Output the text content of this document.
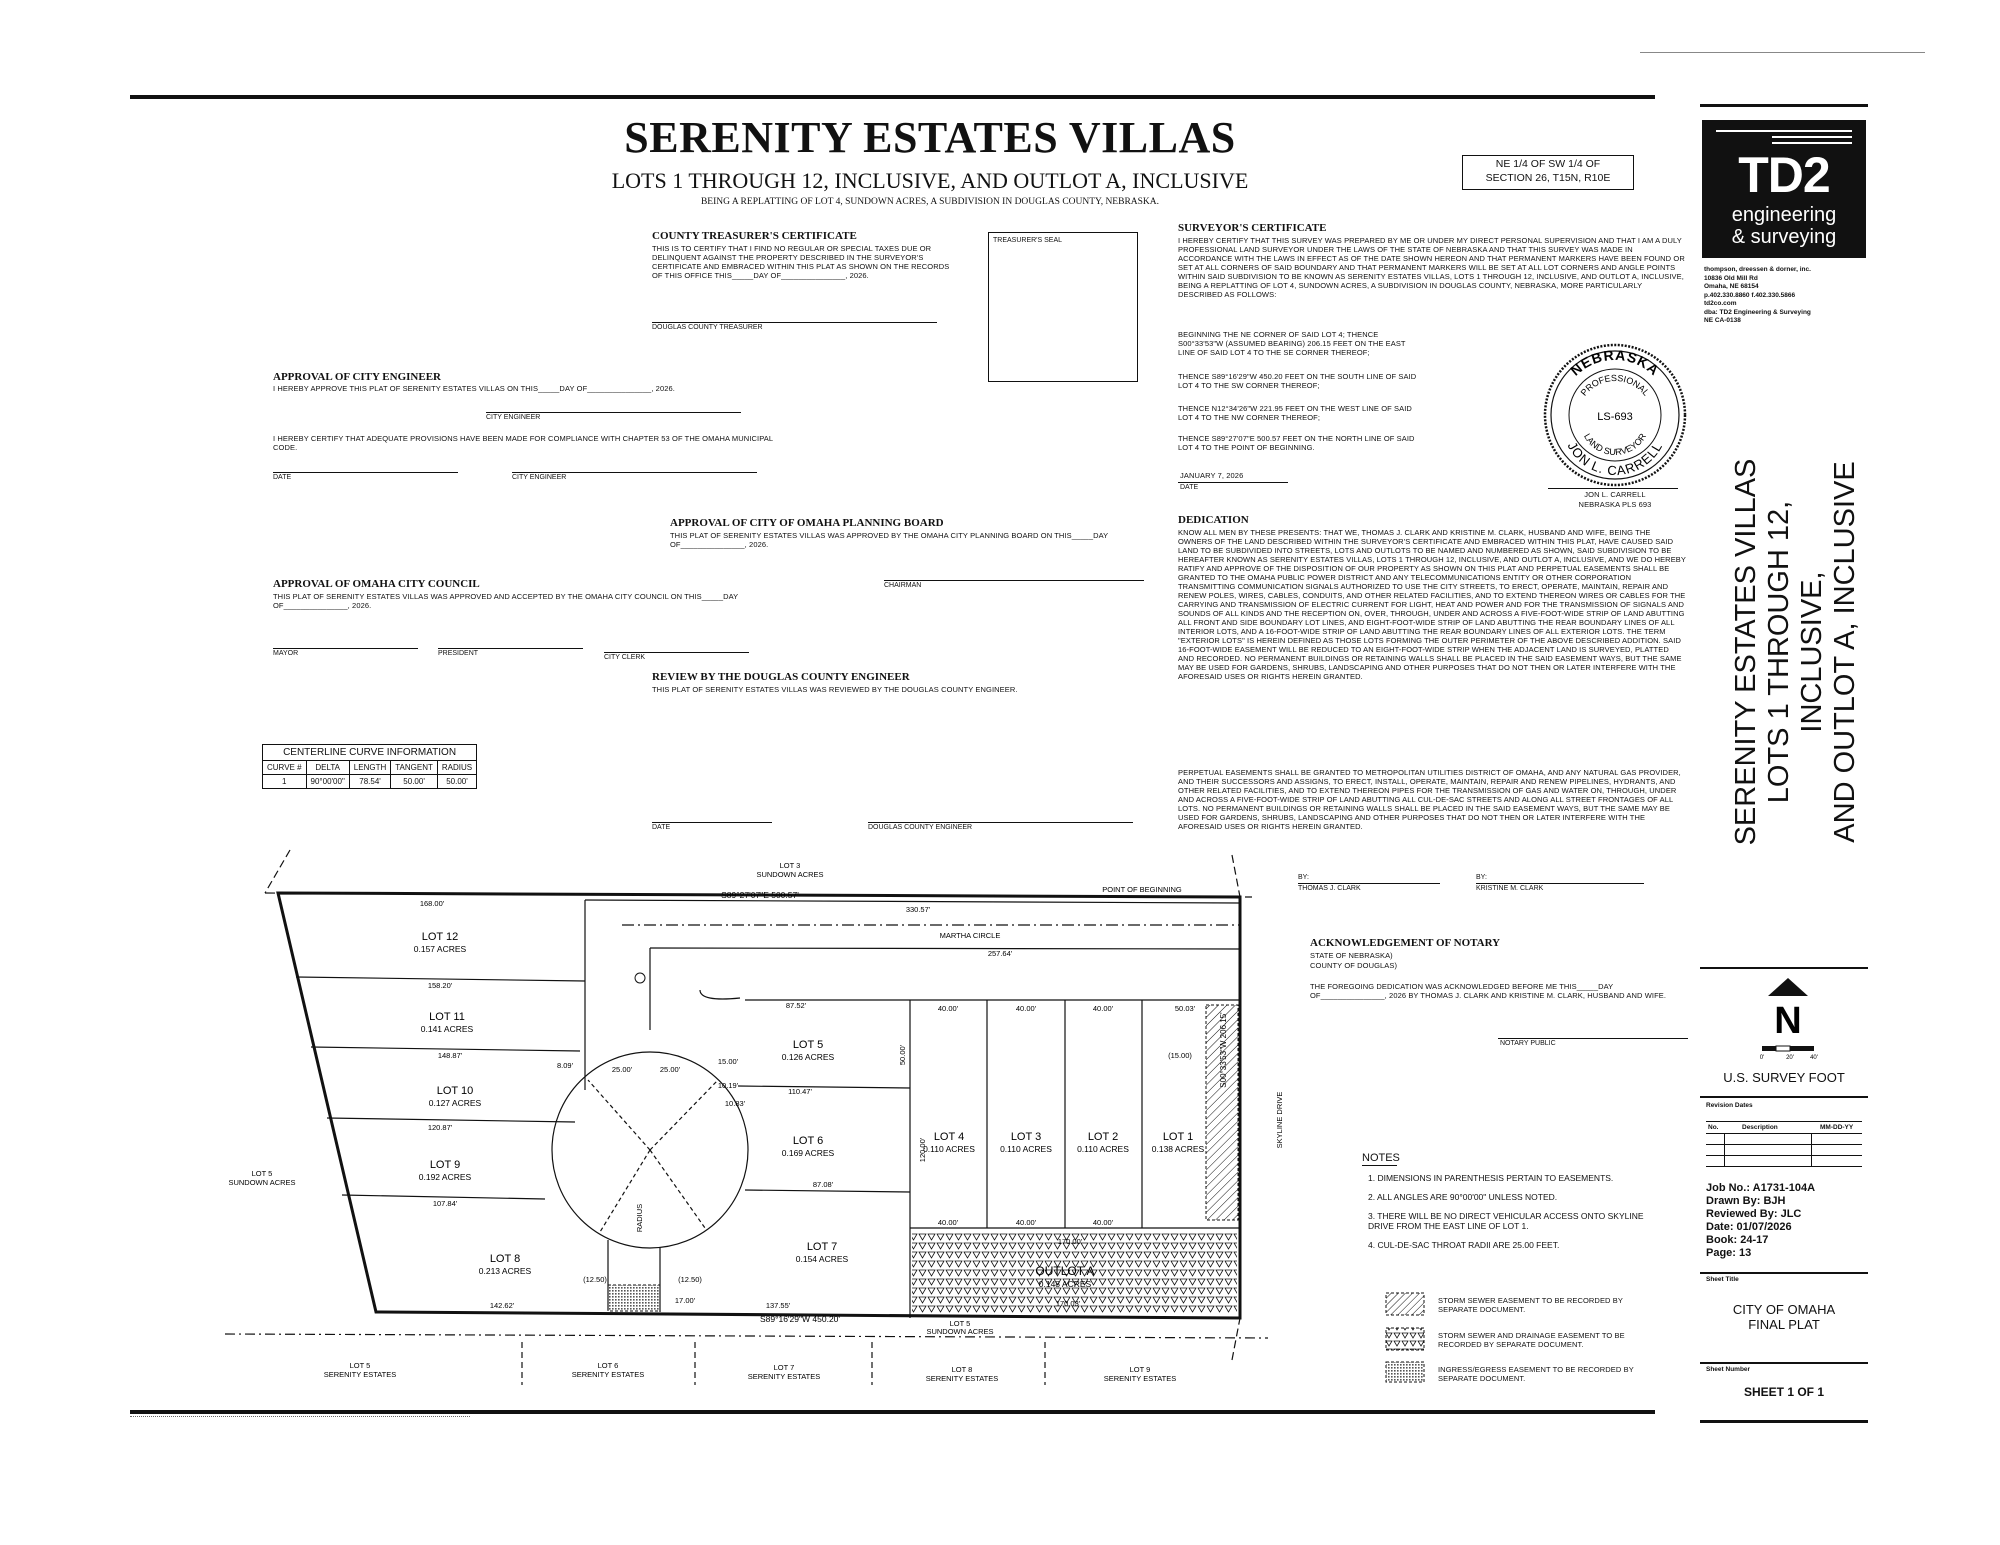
SERENITY ESTATES VILLAS
LOTS 1 THROUGH 12, INCLUSIVE, AND OUTLOT A, INCLUSIVE
BEING A REPLATTING OF LOT 4, SUNDOWN ACRES, A SUBDIVISION IN DOUGLAS COUNTY, NEBRASKA.
NE 1/4 OF SW 1/4 OF
SECTION 26, T15N, R10E	TD2
engineering
& surveying
thompson, dreessen & dorner, inc.
10836 Old Mill Rd
Omaha, NE 68154
p.402.330.8860 f.402.330.5866
td2co.com
dba: TD2 Engineering & Surveying
NE CA-0138
SERENITY ESTATES VILLAS LOTS 1 THROUGH 12, INCLUSIVE, AND OUTLOT A, INCLUSIVE
COUNTY TREASURER'S CERTIFICATE
THIS IS TO CERTIFY THAT I FIND NO REGULAR OR SPECIAL TAXES DUE OR DELINQUENT AGAINST THE PROPERTY DESCRIBED IN THE SURVEYOR'S CERTIFICATE AND EMBRACED WITHIN THIS PLAT AS SHOWN ON THE RECORDS OF THIS OFFICE THIS_____DAY OF_______________, 2026.
DOUGLAS COUNTY TREASURER
TREASURER'S SEAL
APPROVAL OF CITY ENGINEER
I HEREBY APPROVE THIS PLAT OF SERENITY ESTATES VILLAS ON THIS_____DAY OF_______________, 2026.
CITY ENGINEER
I HEREBY CERTIFY THAT ADEQUATE PROVISIONS HAVE BEEN MADE FOR COMPLIANCE WITH CHAPTER 53 OF THE OMAHA MUNICIPAL CODE.
DATE	CITY ENGINEER
APPROVAL OF CITY OF OMAHA PLANNING BOARD
THIS PLAT OF SERENITY ESTATES VILLAS WAS APPROVED BY THE OMAHA CITY PLANNING BOARD ON THIS_____DAY OF_______________, 2026.
CHAIRMAN
APPROVAL OF OMAHA CITY COUNCIL
THIS PLAT OF SERENITY ESTATES VILLAS WAS APPROVED AND ACCEPTED BY THE OMAHA CITY COUNCIL ON THIS_____DAY OF_______________, 2026.
MAYOR	PRESIDENT
CITY CLERK
REVIEW BY THE DOUGLAS COUNTY ENGINEER
THIS PLAT OF SERENITY ESTATES VILLAS WAS REVIEWED BY THE DOUGLAS COUNTY ENGINEER.
DATE	DOUGLAS COUNTY ENGINEER
CENTERLINE CURVE INFORMATION				
CURVE #	DELTA	LENGTH	TANGENT	RADIUS
1	90°00'00"	78.54'	50.00'	50.00'
SURVEYOR'S CERTIFICATE
I HEREBY CERTIFY THAT THIS SURVEY WAS PREPARED BY ME OR UNDER MY DIRECT PERSONAL SUPERVISION AND THAT I AM A DULY PROFESSIONAL LAND SURVEYOR UNDER THE LAWS OF THE STATE OF NEBRASKA AND THAT THIS SURVEY WAS MADE IN ACCORDANCE WITH THE LAWS IN EFFECT AS OF THE DATE SHOWN HEREON AND THAT PERMANENT MARKERS HAVE BEEN FOUND OR SET AT ALL CORNERS OF SAID BOUNDARY AND THAT PERMANENT MARKERS WILL BE SET AT ALL LOT CORNERS AND ANGLE POINTS WITHIN SAID SUBDIVISION TO BE KNOWN AS SERENITY ESTATES VILLAS, LOTS 1 THROUGH 12, INCLUSIVE, AND OUTLOT A, INCLUSIVE, BEING A REPLATTING OF LOT 4, SUNDOWN ACRES, A SUBDIVISION IN DOUGLAS COUNTY, NEBRASKA, MORE PARTICULARLY DESCRIBED AS FOLLOWS:
BEGINNING THE NE CORNER OF SAID LOT 4; THENCE S00°33'53"W (ASSUMED BEARING) 206.15 FEET ON THE EAST LINE OF SAID LOT 4 TO THE SE CORNER THEREOF;
THENCE S89°16'29"W 450.20 FEET ON THE SOUTH LINE OF SAID LOT 4 TO THE SW CORNER THEREOF;
THENCE N12°34'26"W 221.95 FEET ON THE WEST LINE OF SAID LOT 4 TO THE NW CORNER THEREOF;
THENCE S89°27'07"E 500.57 FEET ON THE NORTH LINE OF SAID LOT 4 TO THE POINT OF BEGINNING.
JANUARY 7, 2026
DATE
JON L. CARRELL
NEBRASKA PLS 693
NEBRASKA
JON L. CARRELL
PROFESSIONAL
LAND SURVEYOR
LS-693
DEDICATION
KNOW ALL MEN BY THESE PRESENTS: THAT WE, THOMAS J. CLARK AND KRISTINE M. CLARK, HUSBAND AND WIFE, BEING THE OWNERS OF THE LAND DESCRIBED WITHIN THE SURVEYOR'S CERTIFICATE AND EMBRACED WITHIN THIS PLAT, HAVE CAUSED SAID LAND TO BE SUBDIVIDED INTO STREETS, LOTS AND OUTLOTS TO BE NAMED AND NUMBERED AS SHOWN, SAID SUBDIVISION TO BE HEREAFTER KNOWN AS SERENITY ESTATES VILLAS, LOTS 1 THROUGH 12, INCLUSIVE, AND OUTLOT A, INCLUSIVE, AND WE DO HEREBY RATIFY AND APPROVE OF THE DISPOSITION OF OUR PROPERTY AS SHOWN ON THIS PLAT AND PERPETUAL EASEMENTS SHALL BE GRANTED TO THE OMAHA PUBLIC POWER DISTRICT AND ANY TELECOMMUNICATIONS ENTITY OR OTHER CORPORATION TRANSMITTING COMMUNICATION SIGNALS AUTHORIZED TO USE THE CITY STREETS, TO ERECT, OPERATE, MAINTAIN, REPAIR AND RENEW POLES, WIRES, CABLES, CONDUITS, AND OTHER RELATED FACILITIES, AND TO EXTEND THEREON WIRES OR CABLES FOR THE CARRYING AND TRANSMISSION OF ELECTRIC CURRENT FOR LIGHT, HEAT AND POWER AND FOR THE TRANSMISSION OF SIGNALS AND SOUNDS OF ALL KINDS AND THE RECEPTION ON, OVER, THROUGH, UNDER AND ACROSS A FIVE-FOOT-WIDE STRIP OF LAND ABUTTING ALL FRONT AND SIDE BOUNDARY LOT LINES, AND EIGHT-FOOT-WIDE STRIP OF LAND ABUTTING THE REAR BOUNDARY LINES OF ALL INTERIOR LOTS, AND A 16-FOOT-WIDE STRIP OF LAND ABUTTING THE REAR BOUNDARY LINES OF ALL EXTERIOR LOTS. THE TERM "EXTERIOR LOTS" IS HEREIN DEFINED AS THOSE LOTS FORMING THE OUTER PERIMETER OF THE ABOVE DESCRIBED ADDITION. SAID 16-FOOT-WIDE EASEMENT WILL BE REDUCED TO AN EIGHT-FOOT-WIDE STRIP WHEN THE ADJACENT LAND IS SURVEYED, PLATTED AND RECORDED. NO PERMANENT BUILDINGS OR RETAINING WALLS SHALL BE PLACED IN THE SAID EASEMENT WAYS, BUT THE SAME MAY BE USED FOR GARDENS, SHRUBS, LANDSCAPING AND OTHER PURPOSES THAT DO NOT THEN OR LATER INTERFERE WITH THE AFORESAID USES OR RIGHTS HEREIN GRANTED.
PERPETUAL EASEMENTS SHALL BE GRANTED TO METROPOLITAN UTILITIES DISTRICT OF OMAHA, AND ANY NATURAL GAS PROVIDER, AND THEIR SUCCESSORS AND ASSIGNS, TO ERECT, INSTALL, OPERATE, MAINTAIN, REPAIR AND RENEW PIPELINES, HYDRANTS, AND OTHER RELATED FACILITIES, AND TO EXTEND THEREON PIPES FOR THE TRANSMISSION OF GAS AND WATER ON, THROUGH, UNDER AND ACROSS A FIVE-FOOT-WIDE STRIP OF LAND ABUTTING ALL CUL-DE-SAC STREETS AND ALONG ALL STREET FRONTAGES OF ALL LOTS. NO PERMANENT BUILDINGS OR RETAINING WALLS SHALL BE PLACED IN THE SAID EASEMENT WAYS, BUT THE SAME MAY BE USED FOR GARDENS, SHRUBS, LANDSCAPING AND OTHER PURPOSES THAT DO NOT THEN OR LATER INTERFERE WITH THE AFORESAID USES OR RIGHTS HEREIN GRANTED.
BY:
THOMAS J. CLARK
BY:
KRISTINE M. CLARK
ACKNOWLEDGEMENT OF NOTARY
STATE OF NEBRASKA)
COUNTY OF DOUGLAS)
THE FOREGOING DEDICATION WAS ACKNOWLEDGED BEFORE ME THIS_____DAY OF_______________, 2026 BY THOMAS J. CLARK AND KRISTINE M. CLARK, HUSBAND AND WIFE.
NOTARY PUBLIC
NOTES
1. DIMENSIONS IN PARENTHESIS PERTAIN TO EASEMENTS.
2. ALL ANGLES ARE 90°00'00" UNLESS NOTED.
3. THERE WILL BE NO DIRECT VEHICULAR ACCESS ONTO SKYLINE DRIVE FROM THE EAST LINE OF LOT 1.
4. CUL-DE-SAC THROAT RADII ARE 25.00 FEET.
STORM SEWER EASEMENT TO BE RECORDED BY SEPARATE DOCUMENT.
STORM SEWER AND DRAINAGE EASEMENT TO BE RECORDED BY SEPARATE DOCUMENT.
INGRESS/EGRESS EASEMENT TO BE RECORDED BY SEPARATE DOCUMENT.
N
0'	20'	40'
U.S. SURVEY FOOT
Revision Dates
No.	Description	MM-DD-YY
Job No.: A1731-104A
Drawn By: BJH
Reviewed By: JLC
Date: 01/07/2026
Book: 24-17
Page: 13
Sheet Title
CITY OF OMAHA
FINAL PLAT
Sheet Number
SHEET 1 OF 1
LOT 12
0.157 ACRES
LOT 11
0.141 ACRES
LOT 10
0.127 ACRES
LOT 9
0.192 ACRES
LOT 8
0.213 ACRES
LOT 7
0.154 ACRES
LOT 6
0.169 ACRES
LOT 5
0.126 ACRES
LOT 4
0.110 ACRES
LOT 3
0.110 ACRES
LOT 2
0.110 ACRES
LOT 1
0.138 ACRES
OUTLOT A
0.148 ACRES
MARTHA CIRCLE
SKYLINE DRIVE
POINT OF BEGINNING
S89°27'07"E 500.57'
S89°16'29"W 450.20'
S00°33'53"W 206.15'
LOT 3
SUNDOWN ACRES
LOT 5
SUNDOWN ACRES
LOT 5
SUNDOWN ACRES
LOT 5
SERENITY ESTATES
LOT 6
SERENITY ESTATES
LOT 7
SERENITY ESTATES
LOT 8
SERENITY ESTATES
LOT 9
SERENITY ESTATES
168.00'
330.57'
257.64'
158.20'
148.87'
120.87'
107.84'
142.62'	137.55'
87.52'
110.47'
87.08'
40.00'	40.00'	40.00'	50.03'
(15.00)
40.00'	40.00'	40.00'
(12.50)	(12.50)
17.00'
170.00'
170.03'
25.00'	25.00'
15.00'
10.19'
10.83'
8.09'
120.00'
50.00'
RADIUS
